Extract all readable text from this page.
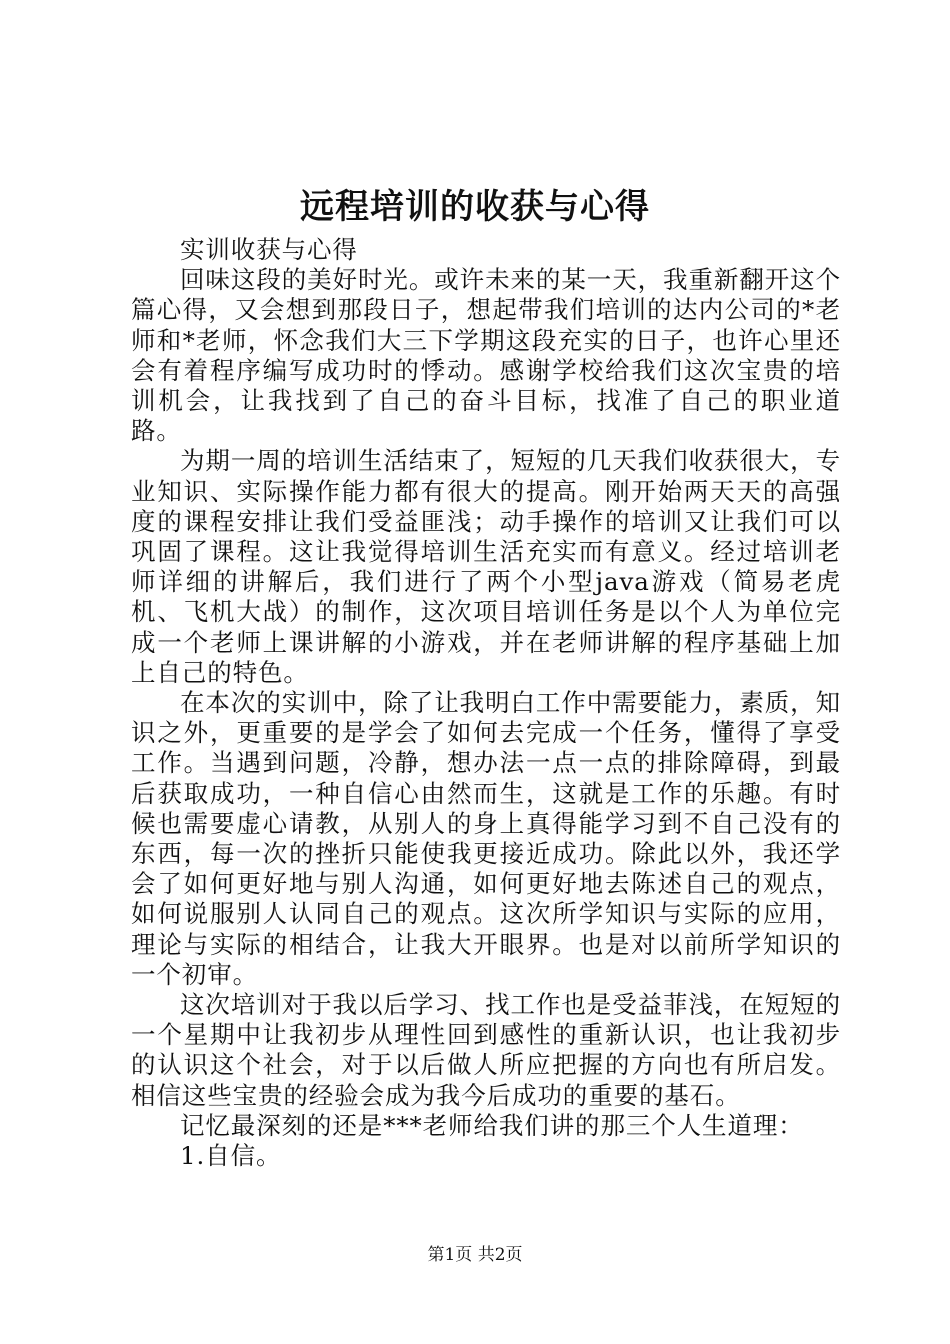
远程培训的收获与心得

实训收获与心得

回味这段的美好时光。或许未来的某一天，我重新翻开这个篇心得，又会想到那段日子，想起带我们培训的达内公司的*老师和*老师，怀念我们大三下学期这段充实的日子，也许心里还会有着程序编写成功时的悸动。感谢学校给我们这次宝贵的培训机会，让我找到了自己的奋斗目标，找准了自己的职业道路。

为期一周的培训生活结束了，短短的几天我们收获很大，专业知识、实际操作能力都有很大的提高。刚开始两天天的高强度的课程安排让我们受益匪浅；动手操作的培训又让我们可以巩固了课程。这让我觉得培训生活充实而有意义。经过培训老师详细的讲解后，我们进行了两个小型java游戏（简易老虎机、飞机大战）的制作，这次项目培训任务是以个人为单位完成一个老师上课讲解的小游戏，并在老师讲解的程序基础上加上自己的特色。

在本次的实训中，除了让我明白工作中需要能力，素质，知识之外，更重要的是学会了如何去完成一个任务，懂得了享受工作。当遇到问题，冷静，想办法一点一点的排除障碍，到最后获取成功，一种自信心由然而生，这就是工作的乐趣。有时候也需要虚心请教，从别人的身上真得能学习到不自己没有的东西，每一次的挫折只能使我更接近成功。除此以外，我还学会了如何更好地与别人沟通，如何更好地去陈述自己的观点，如何说服别人认同自己的观点。这次所学知识与实际的应用，理论与实际的相结合，让我大开眼界。也是对以前所学知识的一个初审。

这次培训对于我以后学习、找工作也是受益菲浅，在短短的一个星期中让我初步从理性回到感性的重新认识，也让我初步的认识这个社会，对于以后做人所应把握的方向也有所启发。相信这些宝贵的经验会成为我今后成功的重要的基石。

记忆最深刻的还是***老师给我们讲的那三个人生道理：

1.自信。

第1页 共2页
